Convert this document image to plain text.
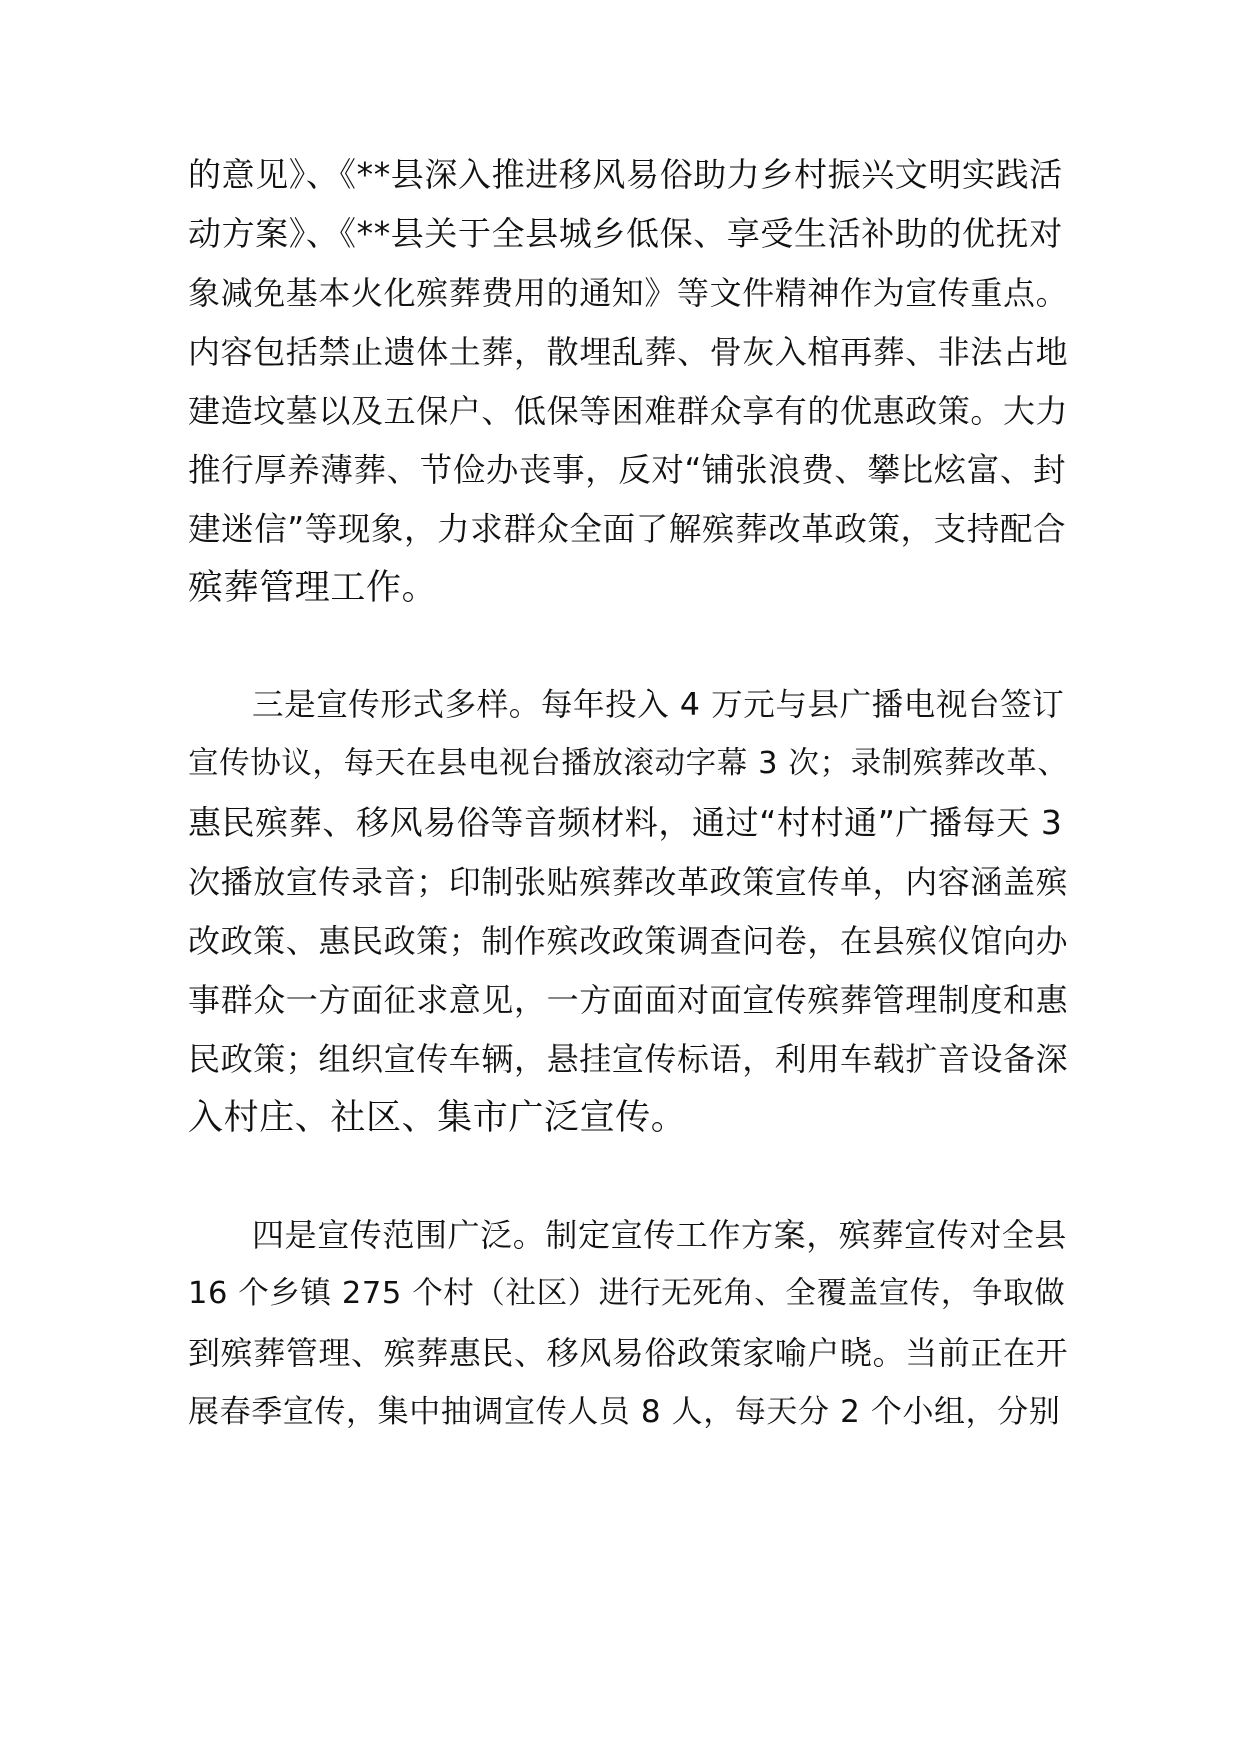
的意见》、《**县深入推进移风易俗助力乡村振兴文明实践活
动方案》、《**县关于全县城乡低保、享受生活补助的优抚对
象减免基本火化殡葬费用的通知》等文件精神作为宣传重点。
内容包括禁止遗体土葬，散埋乱葬、骨灰入棺再葬、非法占地
建造坟墓以及五保户、低保等困难群众享有的优惠政策。大力
推行厚养薄葬、节俭办丧事，反对“铺张浪费、攀比炫富、封
建迷信”等现象，力求群众全面了解殡葬改革政策，支持配合
殡葬管理工作。
三是宣传形式多样。每年投入 4 万元与县广播电视台签订
宣传协议，每天在县电视台播放滚动字幕 3 次；录制殡葬改革、
惠民殡葬、移风易俗等音频材料，通过“村村通”广播每天 3
次播放宣传录音；印制张贴殡葬改革政策宣传单，内容涵盖殡
改政策、惠民政策；制作殡改政策调查问卷，在县殡仪馆向办
事群众一方面征求意见，一方面面对面宣传殡葬管理制度和惠
民政策；组织宣传车辆，悬挂宣传标语，利用车载扩音设备深
入村庄、社区、集市广泛宣传。
四是宣传范围广泛。制定宣传工作方案，殡葬宣传对全县
16 个乡镇 275 个村（社区）进行无死角、全覆盖宣传，争取做
到殡葬管理、殡葬惠民、移风易俗政策家喻户晓。当前正在开
展春季宣传，集中抽调宣传人员 8 人，每天分 2 个小组，分别
